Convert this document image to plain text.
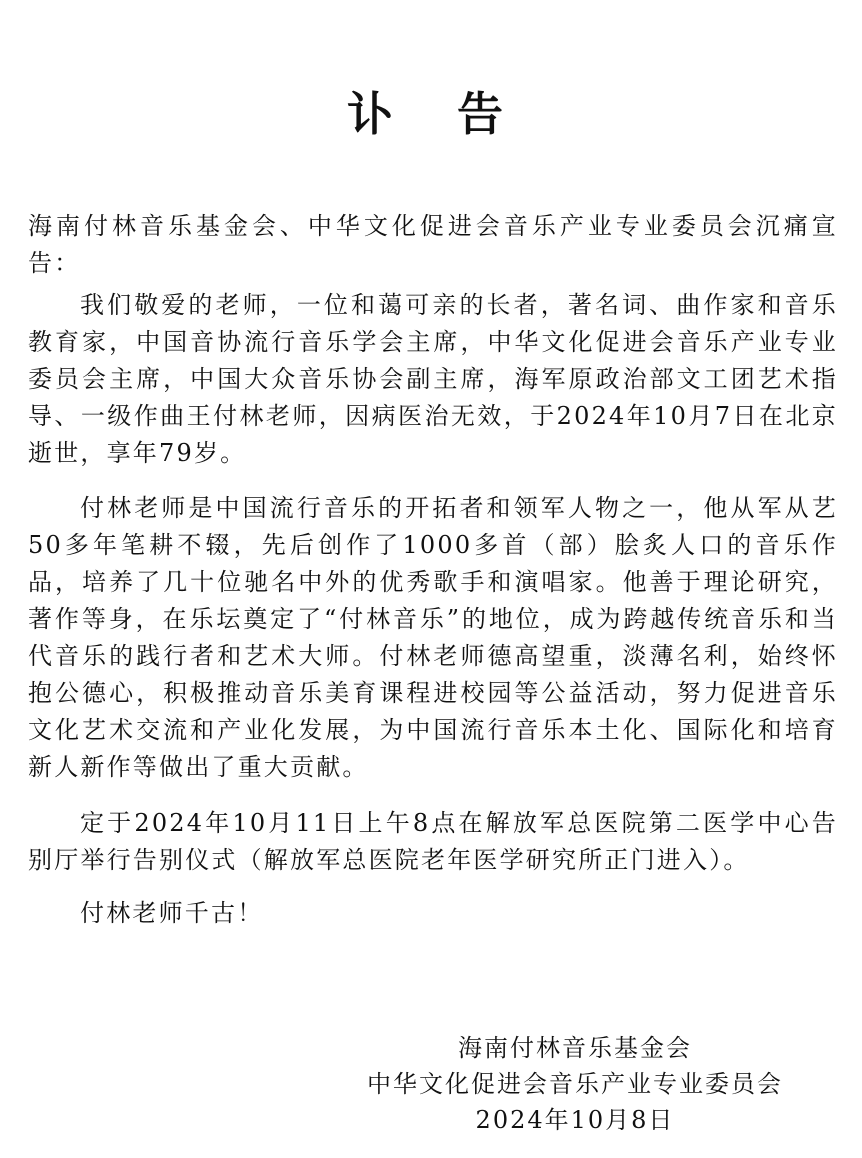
讣 告

海南付林音乐基金会、中华文化促进会音乐产业专业委员会沉痛宣告：

我们敬爱的老师，一位和蔼可亲的长者，著名词、曲作家和音乐教育家，中国音协流行音乐学会主席，中华文化促进会音乐产业专业委员会主席，中国大众音乐协会副主席，海军原政治部文工团艺术指导、一级作曲王付林老师，因病医治无效，于2024年10月7日在北京逝世，享年79岁。

付林老师是中国流行音乐的开拓者和领军人物之一，他从军从艺50多年笔耕不辍，先后创作了1000多首（部）脍炙人口的音乐作品，培养了几十位驰名中外的优秀歌手和演唱家。他善于理论研究，著作等身，在乐坛奠定了“付林音乐”的地位，成为跨越传统音乐和当代音乐的践行者和艺术大师。付林老师德高望重，淡薄名利，始终怀抱公德心，积极推动音乐美育课程进校园等公益活动，努力促进音乐文化艺术交流和产业化发展，为中国流行音乐本土化、国际化和培育新人新作等做出了重大贡献。

定于2024年10月11日上午8点在解放军总医院第二医学中心告别厅举行告别仪式（解放军总医院老年医学研究所正门进入）。

付林老师千古！

海南付林音乐基金会
中华文化促进会音乐产业专业委员会
2024年10月8日
